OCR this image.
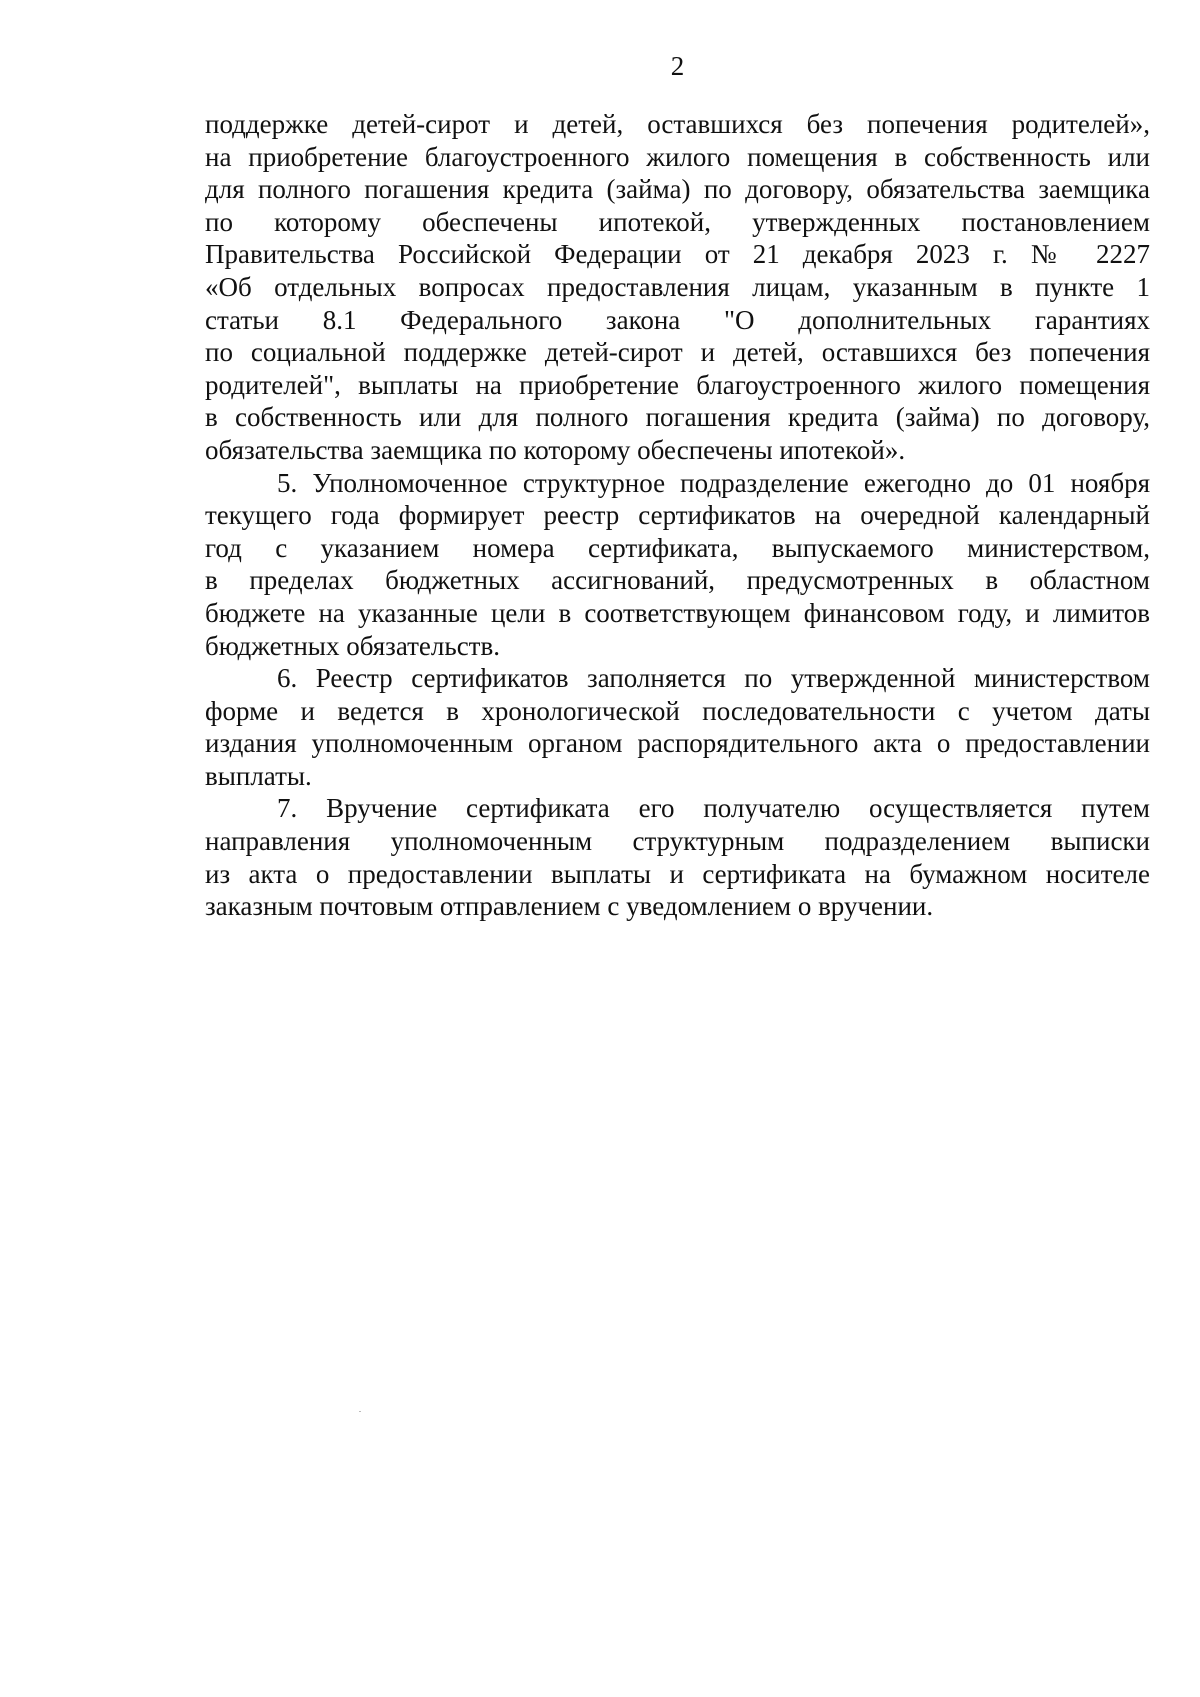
2
поддержке детей-сирот и детей, оставшихся без попечения родителей»,
на приобретение благоустроенного жилого помещения в собственность или
для полного погашения кредита (займа) по договору, обязательства заемщика
по которому обеспечены ипотекой, утвержденных постановлением
Правительства Российской Федерации от 21 декабря 2023 г. № 2227
«Об отдельных вопросах предоставления лицам, указанным в пункте 1
статьи 8.1 Федерального закона "О дополнительных гарантиях
по социальной поддержке детей-сирот и детей, оставшихся без попечения
родителей", выплаты на приобретение благоустроенного жилого помещения
в собственность или для полного погашения кредита (займа) по договору,
обязательства заемщика по которому обеспечены ипотекой».
5. Уполномоченное структурное подразделение ежегодно до 01 ноября
текущего года формирует реестр сертификатов на очередной календарный
год с указанием номера сертификата, выпускаемого министерством,
в пределах бюджетных ассигнований, предусмотренных в областном
бюджете на указанные цели в соответствующем финансовом году, и лимитов
бюджетных обязательств.
6. Реестр сертификатов заполняется по утвержденной министерством
форме и ведется в хронологической последовательности с учетом даты
издания уполномоченным органом распорядительного акта о предоставлении
выплаты.
7. Вручение сертификата его получателю осуществляется путем
направления уполномоченным структурным подразделением выписки
из акта о предоставлении выплаты и сертификата на бумажном носителе
заказным почтовым отправлением с уведомлением о вручении.
